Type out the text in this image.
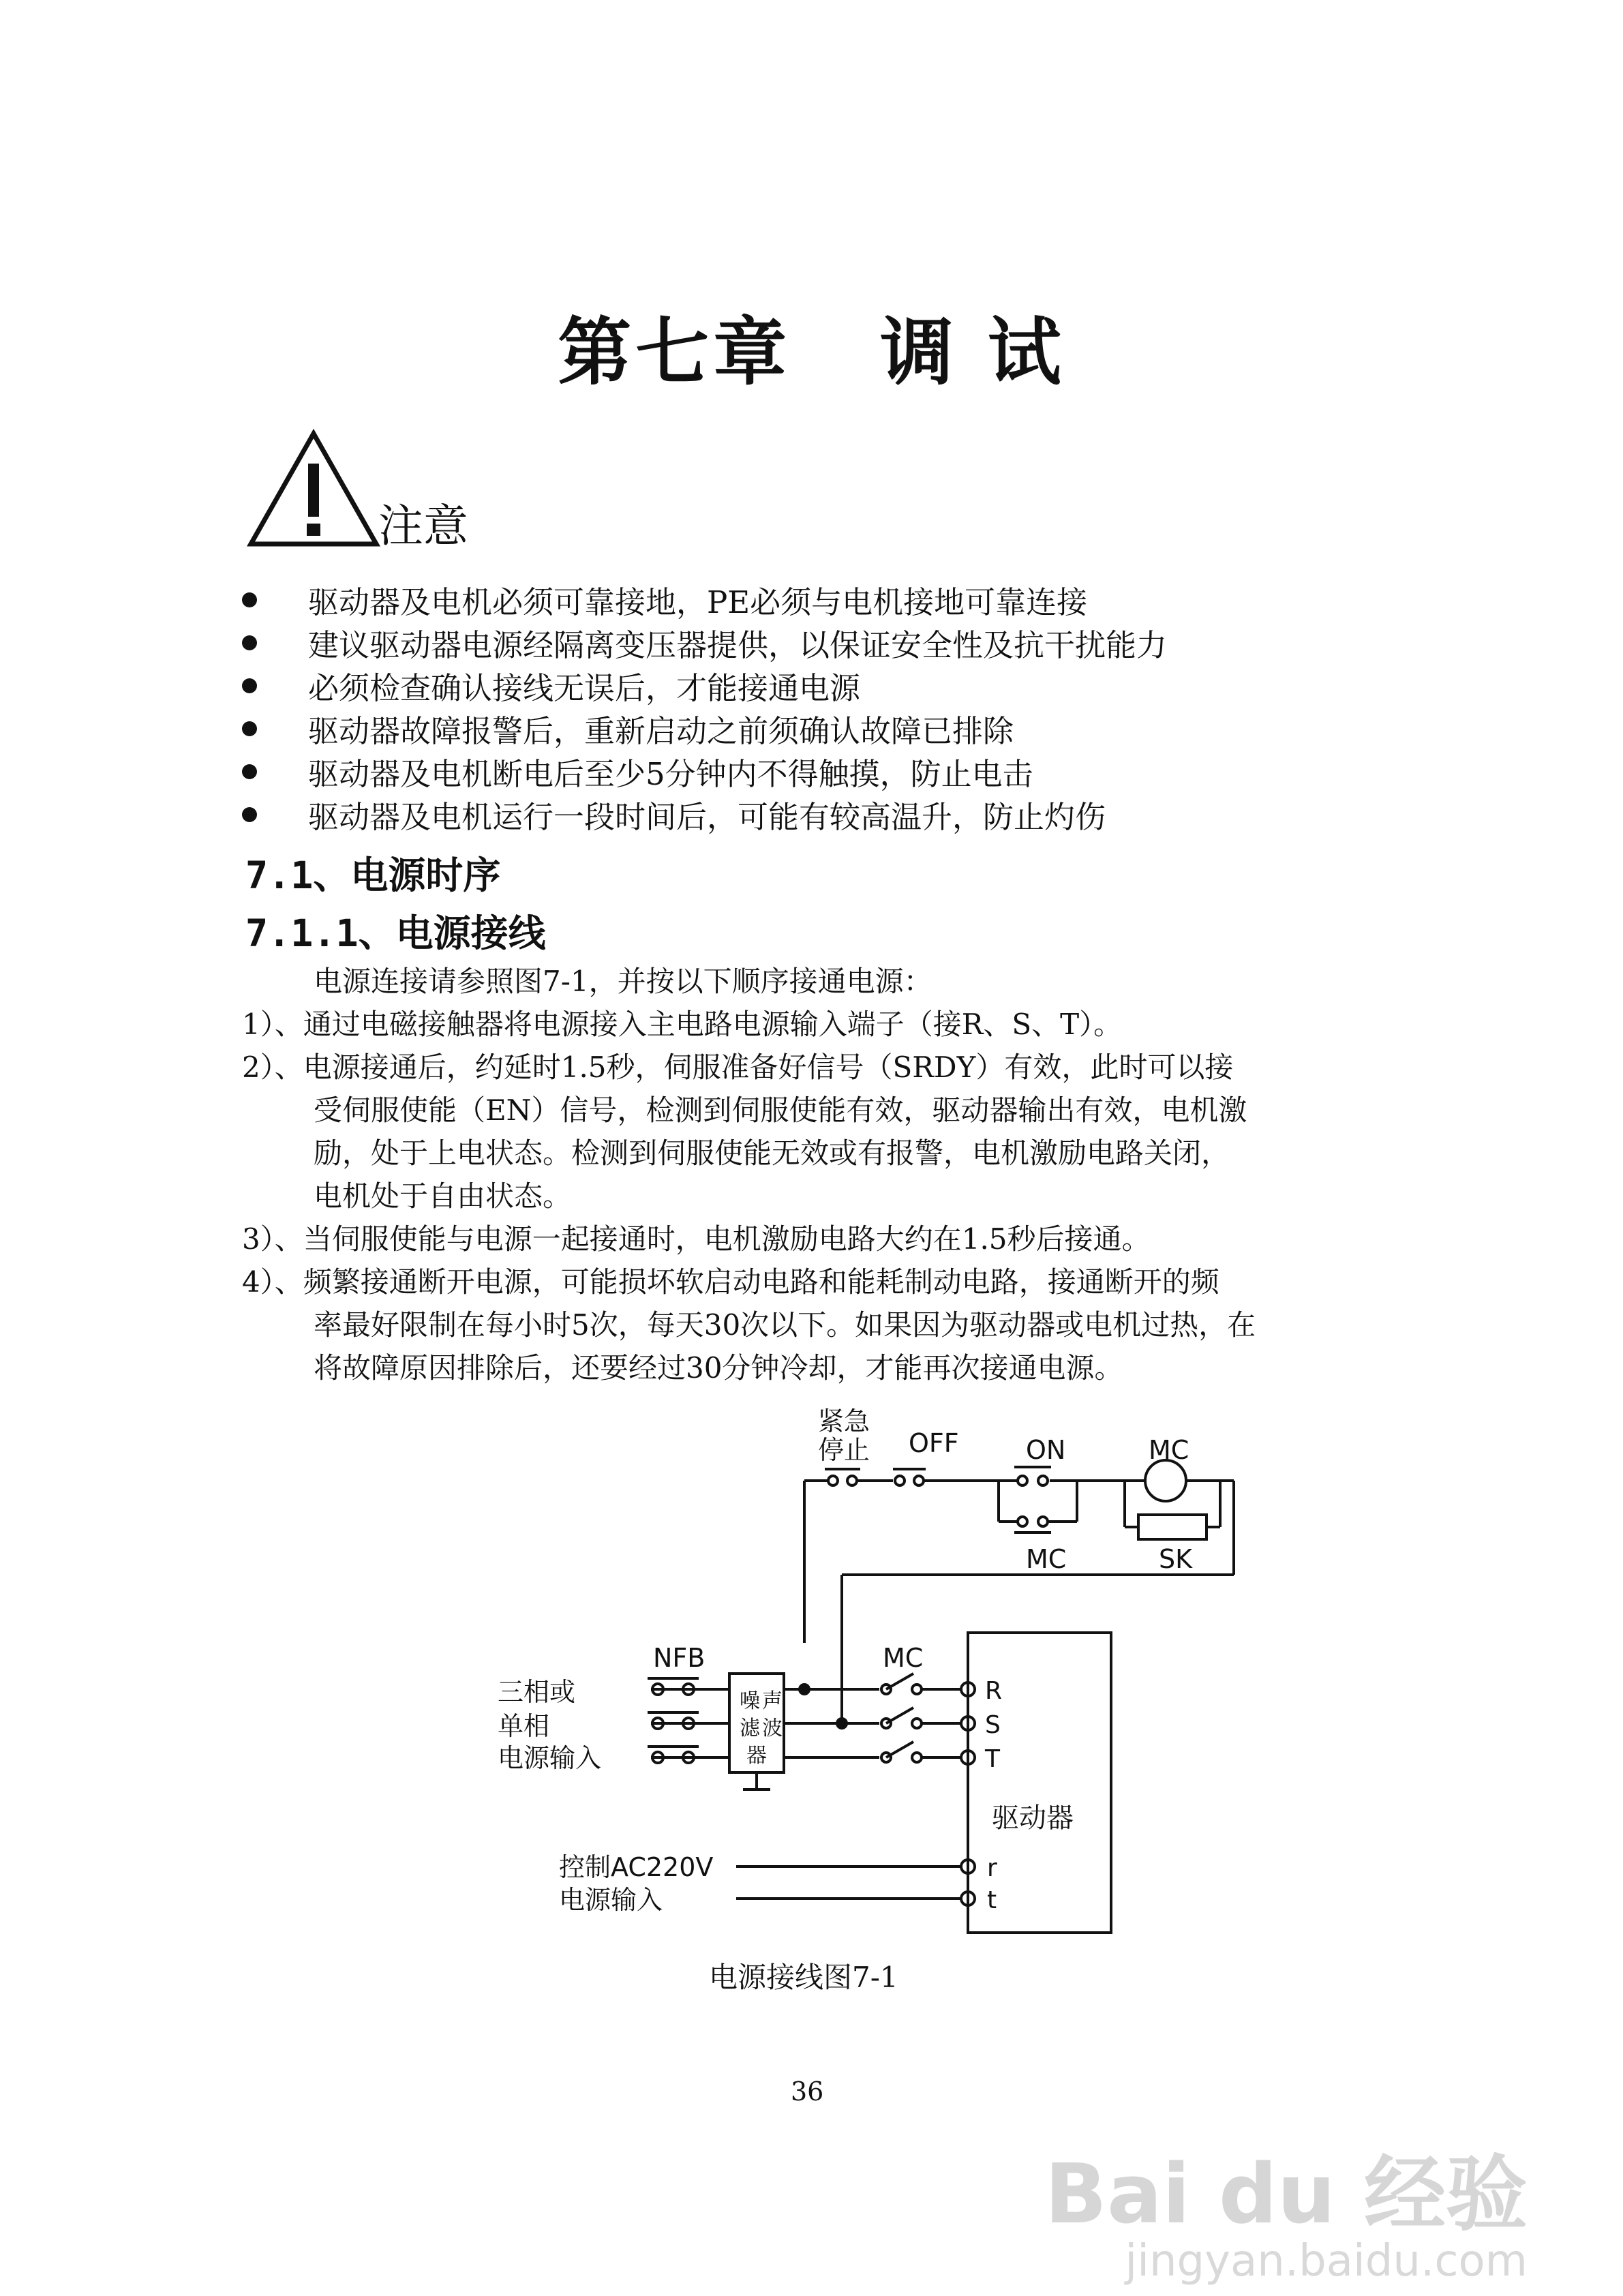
第七章   调 试
注意
驱动器及电机必须可靠接地，PE必须与电机接地可靠连接
建议驱动器电源经隔离变压器提供，以保证安全性及抗干扰能力
必须检查确认接线无误后，才能接通电源
驱动器故障报警后，重新启动之前须确认故障已排除
驱动器及电机断电后至少5分钟内不得触摸，防止电击
驱动器及电机运行一段时间后，可能有较高温升，防止灼伤
7.1、电源时序
7.1.1、电源接线
电源连接请参照图7-1，并按以下顺序接通电源：
1）、通过电磁接触器将电源接入主电路电源输入端子（接R、S、T）。
2）、电源接通后，约延时1.5秒，伺服准备好信号（SRDY）有效，此时可以接
受伺服使能（EN）信号，检测到伺服使能有效，驱动器输出有效，电机激
励，处于上电状态。检测到伺服使能无效或有报警，电机激励电路关闭，
电机处于自由状态。
3）、当伺服使能与电源一起接通时，电机激励电路大约在1.5秒后接通。
4）、频繁接通断开电源，可能损坏软启动电路和能耗制动电路，接通断开的频
率最好限制在每小时5次，每天30次以下。如果因为驱动器或电机过热，在
将故障原因排除后，还要经过30分钟冷却，才能再次接通电源。
紧急
停止 OFF	ON	MC
MC	SK
NFB	MC
三相或
单相
电源输入
噪 声
滤 波
器
R
S
T
驱动器
控制AC220V
电源输入
r
t
电源接线图7-1
36
Bai du 经验
jingyan.baidu.com
